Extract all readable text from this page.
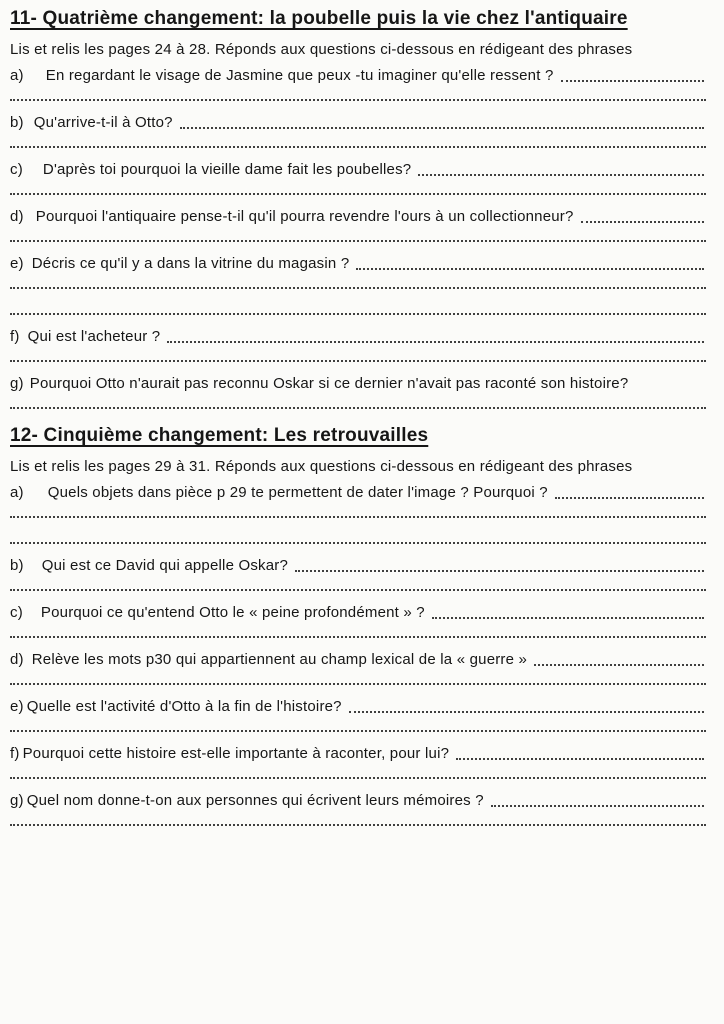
11- Quatrième changement: la poubelle puis la vie chez l'antiquaire

Lis et relis les pages 24 à 28. Réponds aux questions ci-dessous en rédigeant des phrases

a) En regardant le visage de Jasmine que peux -tu imaginer qu'elle ressent ?
b) Qu'arrive-t-il à Otto?
c) D'après toi pourquoi la vieille dame fait les poubelles?
d) Pourquoi l'antiquaire pense-t-il qu'il pourra revendre l'ours à un collectionneur?
e) Décris ce qu'il y a dans la vitrine du magasin ?
f) Qui est l'acheteur ?
g) Pourquoi Otto n'aurait pas reconnu Oskar si ce dernier n'avait pas raconté son histoire?
12- Cinquième changement: Les retrouvailles

Lis et relis les pages 29 à 31. Réponds aux questions ci-dessous en rédigeant des phrases

a) Quels objets dans pièce p 29 te permettent de dater l'image ? Pourquoi ?
b) Qui est ce David qui appelle Oskar?
c) Pourquoi ce qu'entend Otto le « peine profondément » ?
d) Relève les mots p30 qui appartiennent au champ lexical de la « guerre »
e) Quelle est l'activité d'Otto à la fin de l'histoire?
f) Pourquoi cette histoire est-elle importante à raconter, pour lui?
g) Quel nom donne-t-on aux personnes qui écrivent leurs mémoires ?
